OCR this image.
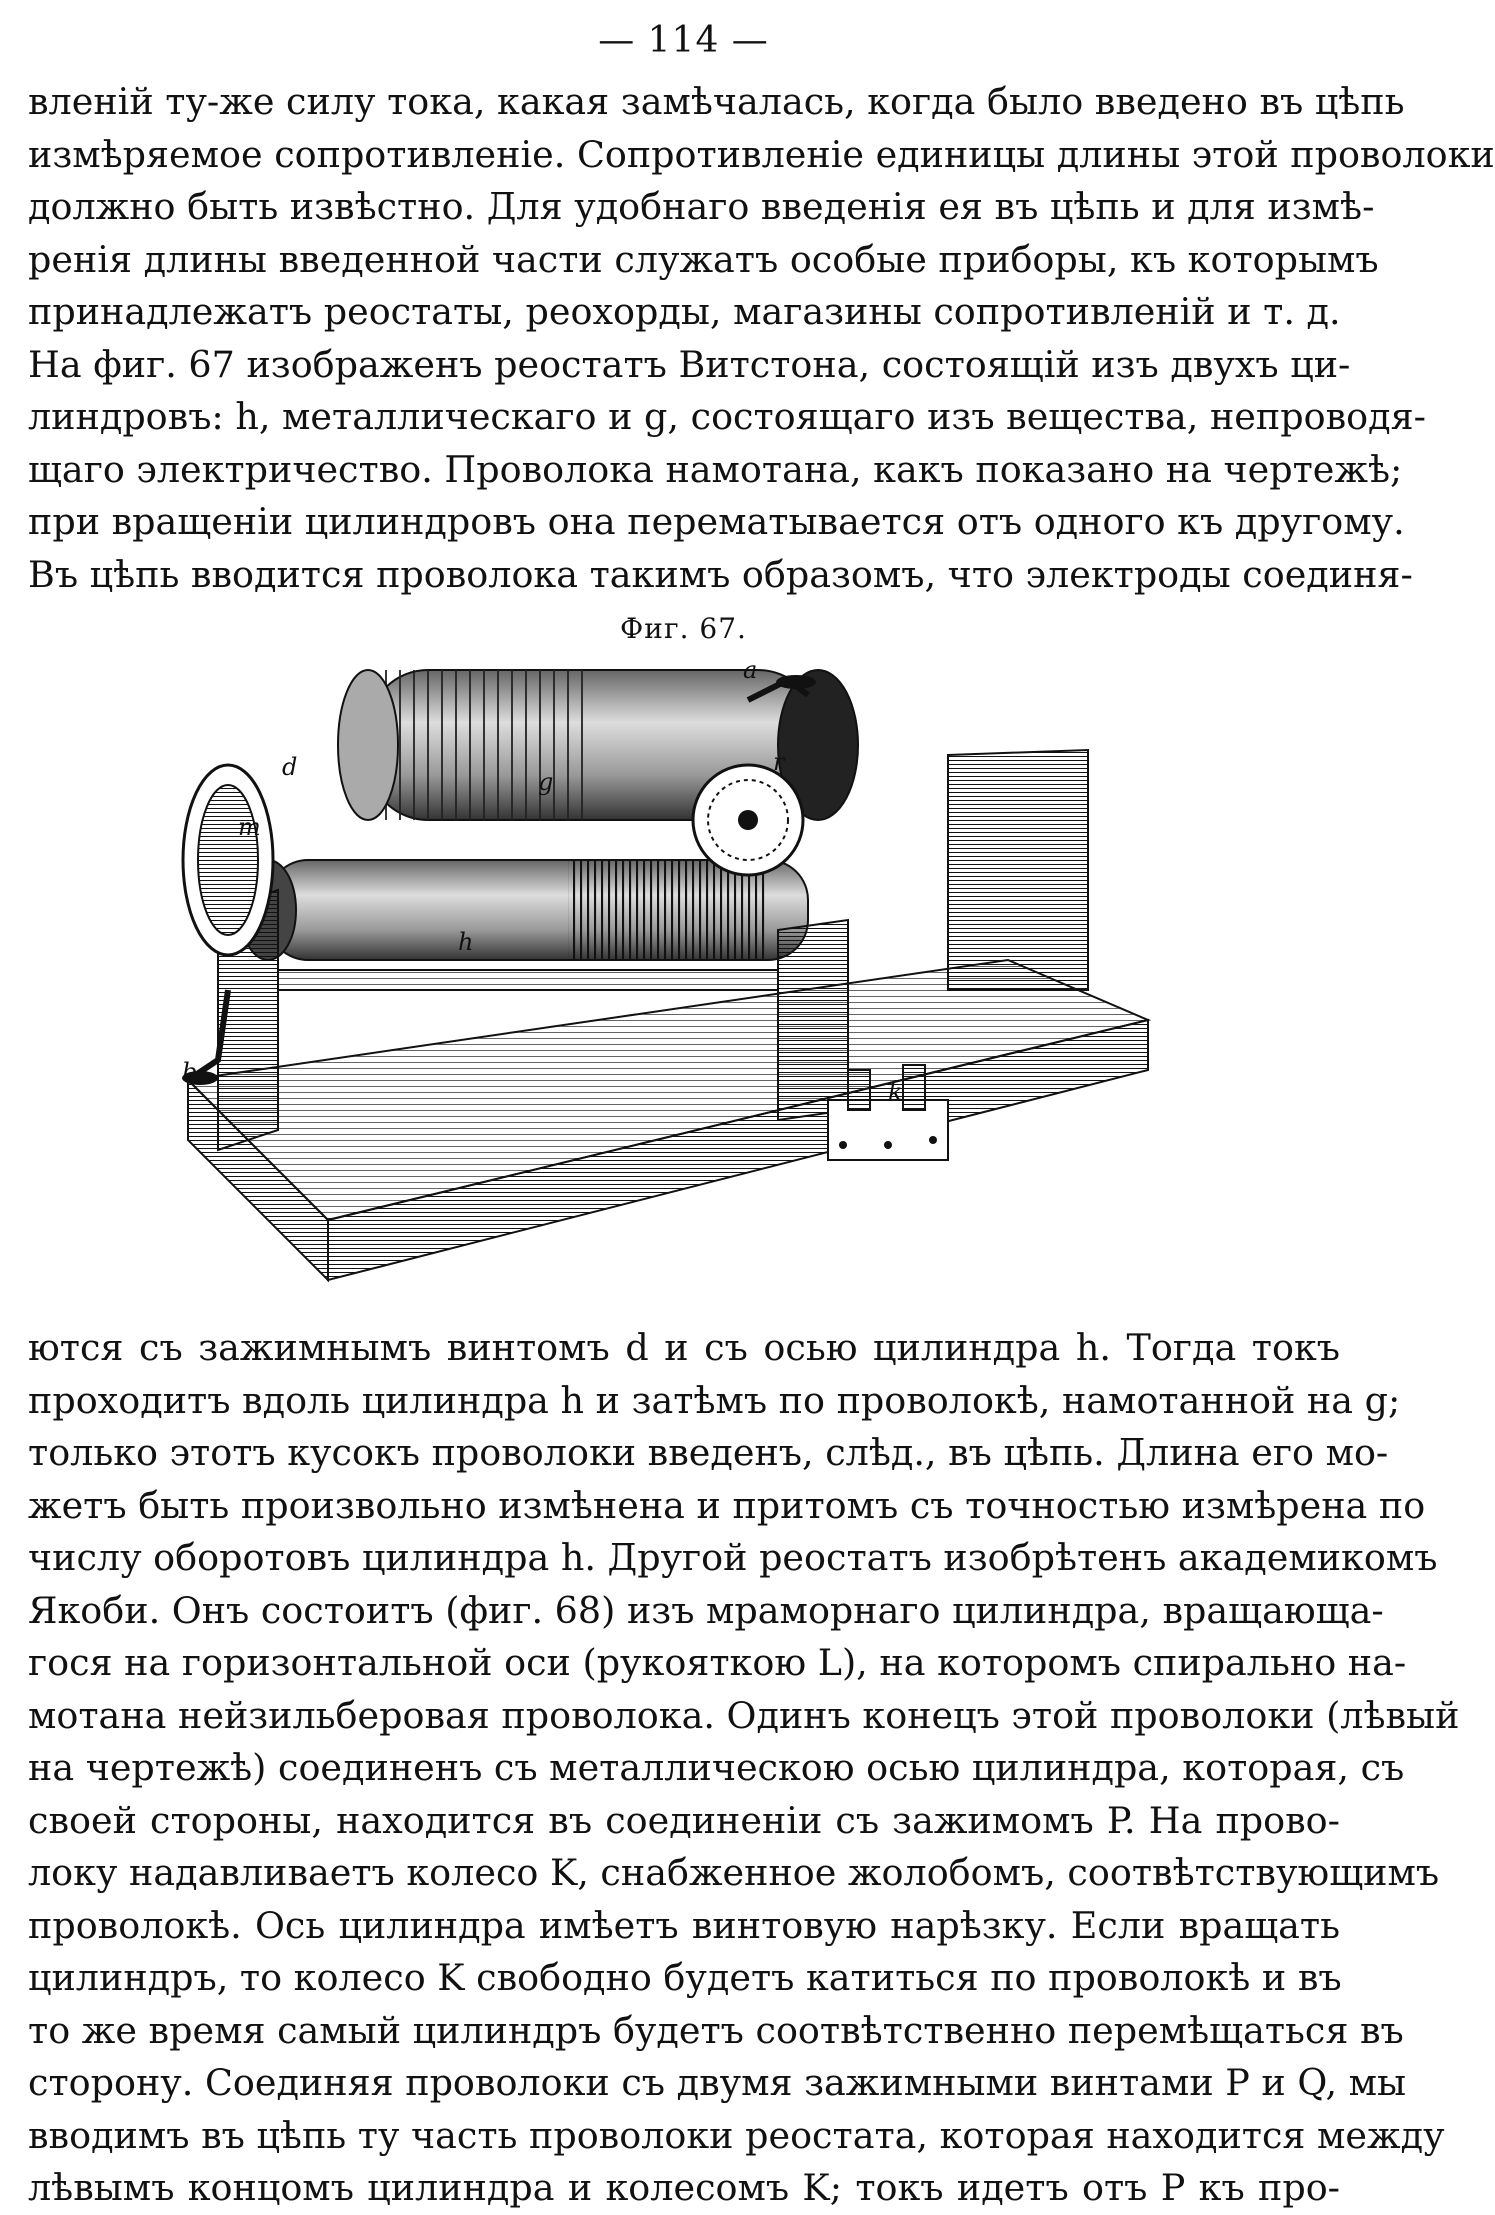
— 114 —
вленій ту-же силу тока, какая замѣчалась, когда было введено въ цѣпь
измѣряемое сопротивленіе. Сопротивленіе единицы длины этой проволоки
должно быть извѣстно. Для удобнаго введенія ея въ цѣпь и для измѣ-
ренія длины введенной части служатъ особые приборы, къ которымъ
принадлежатъ реостаты, реохорды, магазины сопротивленій и т. д.
На фиг. 67 изображенъ реостатъ Витстона, состоящій изъ двухъ ци-
линдровъ: h, металлическаго и g, состоящаго изъ вещества, непроводя-
щаго электричество. Проволока намотана, какъ показано на чертежѣ;
при вращеніи цилиндровъ она перематывается отъ одного къ другому.
Въ цѣпь вводится проволока такимъ образомъ, что электроды соединя-
Фиг. 67.
a
b
d
g
h
m
r
k
ются съ зажимнымъ винтомъ d и съ осью цилиндра h. Тогда токъ
проходитъ вдоль цилиндра h и затѣмъ по проволокѣ, намотанной на g;
только этотъ кусокъ проволоки введенъ, слѣд., въ цѣпь. Длина его мо-
жетъ быть произвольно измѣнена и притомъ съ точностью измѣрена по
числу оборотовъ цилиндра h. Другой реостатъ изобрѣтенъ академикомъ
Якоби. Онъ состоитъ (фиг. 68) изъ мраморнаго цилиндра, вращающа-
гося на горизонтальной оси (рукояткою L), на которомъ спирально на-
мотана нейзильберовая проволока. Одинъ конецъ этой проволоки (лѣвый
на чертежѣ) соединенъ съ металлическою осью цилиндра, которая, съ
своей стороны, находится въ соединеніи съ зажимомъ P. На прово-
локу надавливаетъ колесо K, снабженное жолобомъ, соотвѣтствующимъ
проволокѣ. Ось цилиндра имѣетъ винтовую нарѣзку. Если вращать
цилиндръ, то колесо K свободно будетъ катиться по проволокѣ и въ
то же время самый цилиндръ будетъ соотвѣтственно перемѣщаться въ
сторону. Соединяя проволоки съ двумя зажимными винтами P и Q, мы
вводимъ въ цѣпь ту часть проволоки реостата, которая находится между
лѣвымъ концомъ цилиндра и колесомъ K; токъ идетъ отъ P къ про-
